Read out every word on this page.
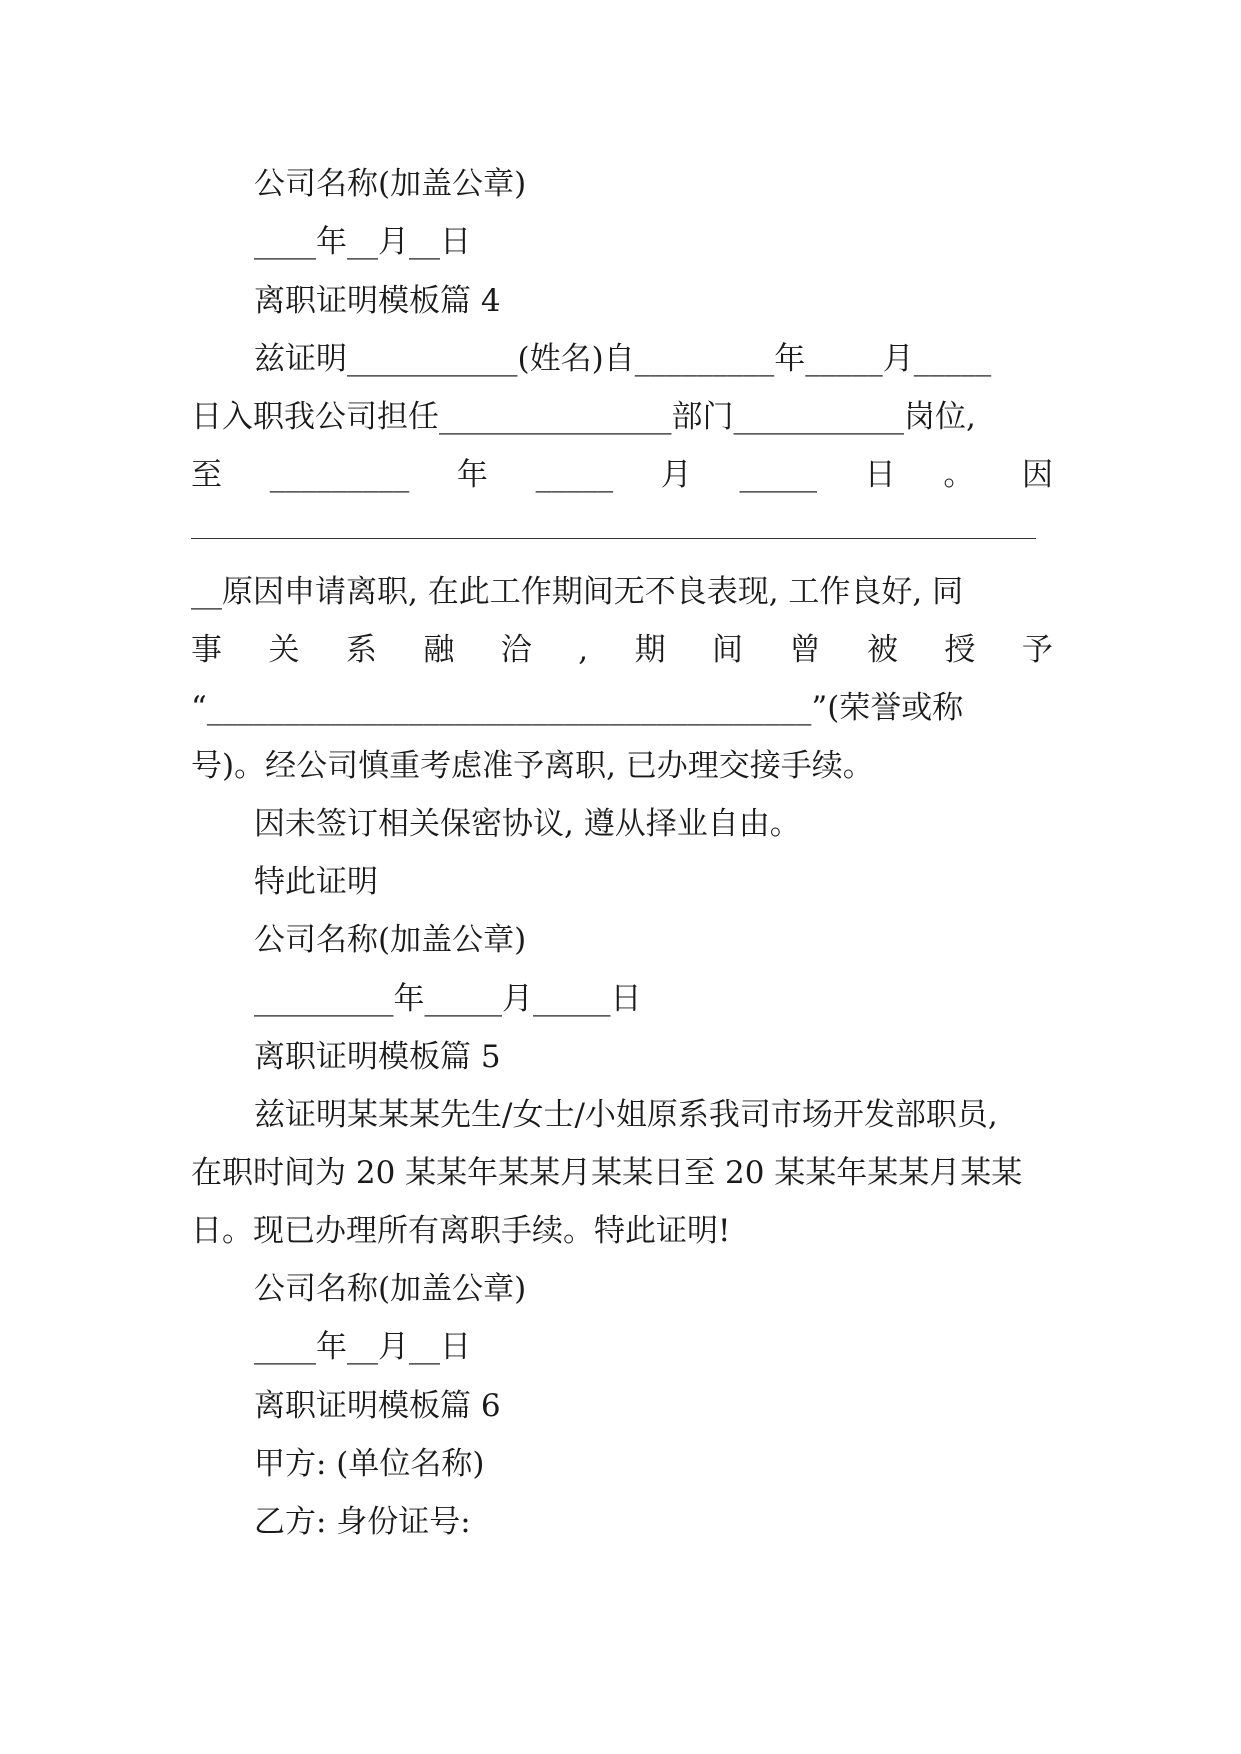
公司名称(加盖公章)
____年__月__日
离职证明模板篇 4
兹证明___________(姓名)自_________年_____月_____
日入职我公司担任_______________部门___________岗位,
至 _________ 年 _____ 月 _____ 日 。 因
__原因申请离职, 在此工作期间无不良表现, 工作良好, 同
事 关 系 融 洽 , 期 间 曾 被 授 予
“_______________________________________”(荣誉或称
号)。经公司慎重考虑准予离职, 已办理交接手续。
因未签订相关保密协议, 遵从择业自由。
特此证明
公司名称(加盖公章)
_________年_____月_____日
离职证明模板篇 5
兹证明某某某先生/女士/小姐原系我司市场开发部职员,
在职时间为 20 某某年某某月某某日至 20 某某年某某月某某
日。现已办理所有离职手续。特此证明!
公司名称(加盖公章)
____年__月__日
离职证明模板篇 6
甲方: (单位名称)
乙方: 身份证号:
